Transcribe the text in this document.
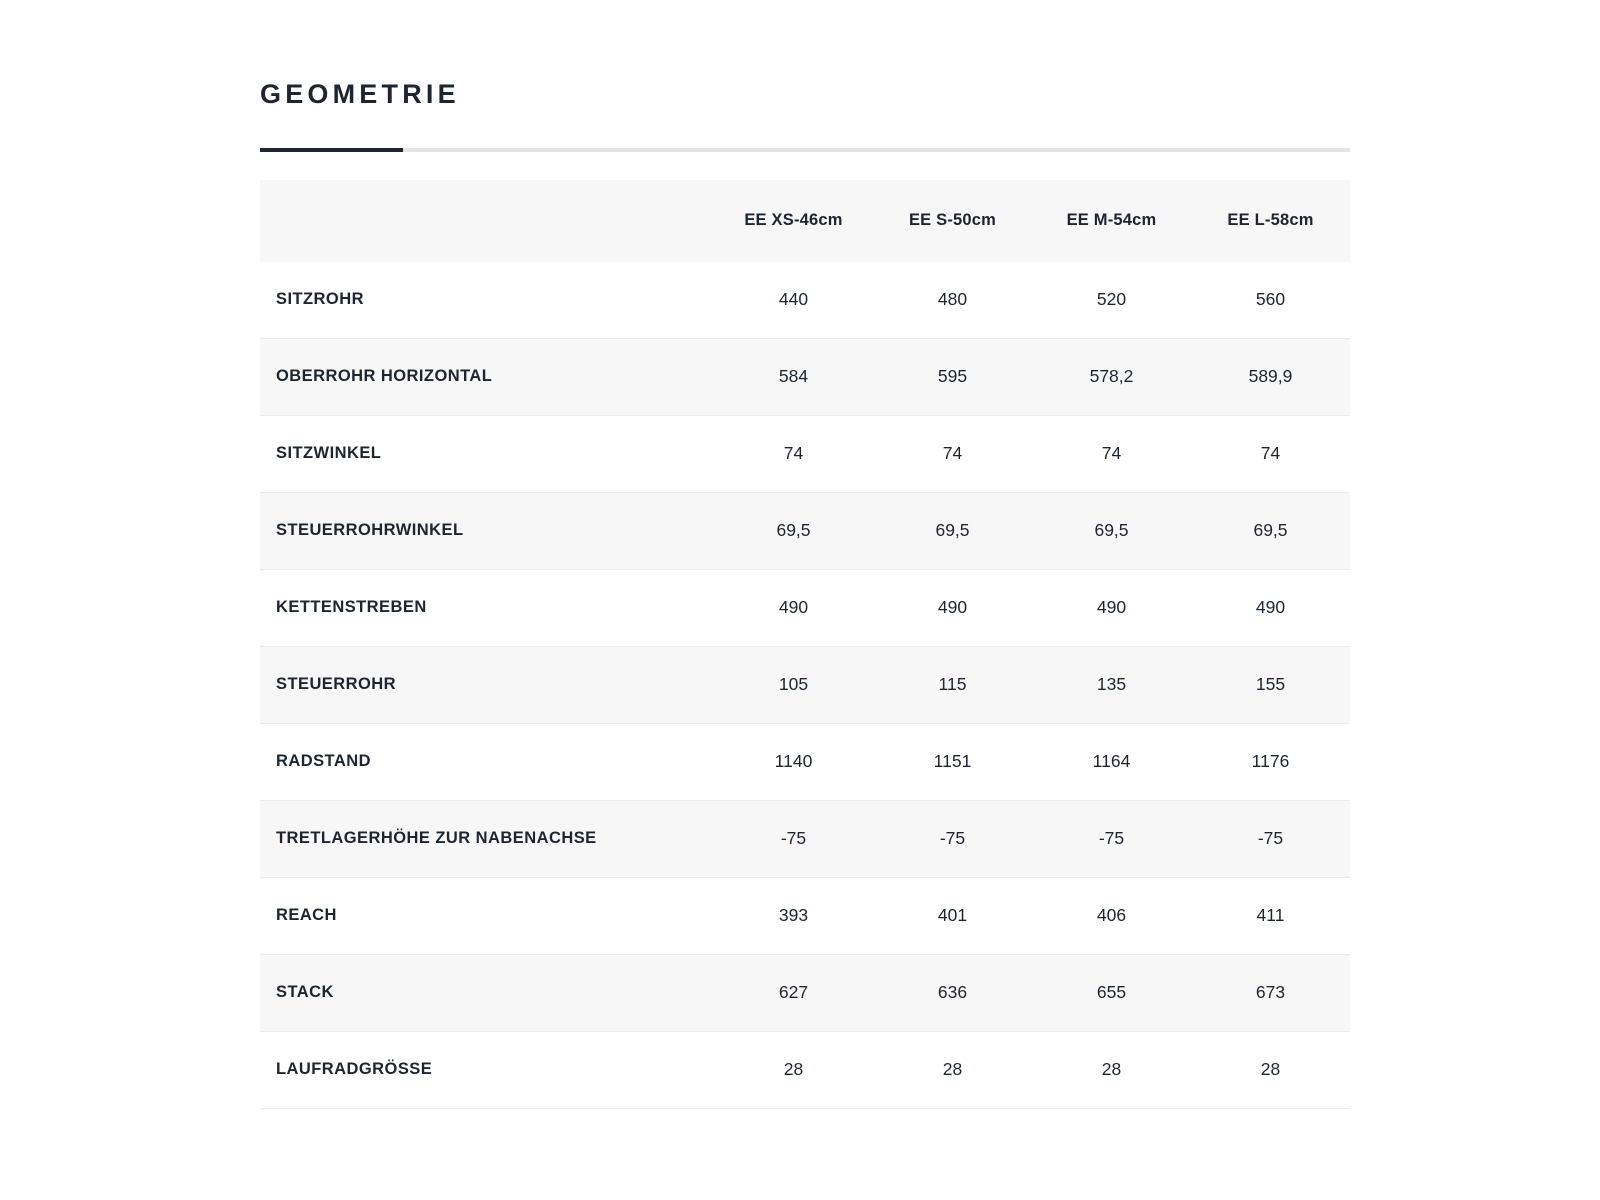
GEOMETRIE
	EE XS-46cm	EE S-50cm	EE M-54cm	EE L-58cm
SITZROHR	440	480	520	560
OBERROHR HORIZONTAL	584	595	578,2	589,9
SITZWINKEL	74	74	74	74
STEUERROHRWINKEL	69,5	69,5	69,5	69,5
KETTENSTREBEN	490	490	490	490
STEUERROHR	105	115	135	155
RADSTAND	1140	1151	1164	1176
TRETLAGERHÖHE ZUR NABENACHSE	-75	-75	-75	-75
REACH	393	401	406	411
STACK	627	636	655	673
LAUFRADGRÖSSE	28	28	28	28
